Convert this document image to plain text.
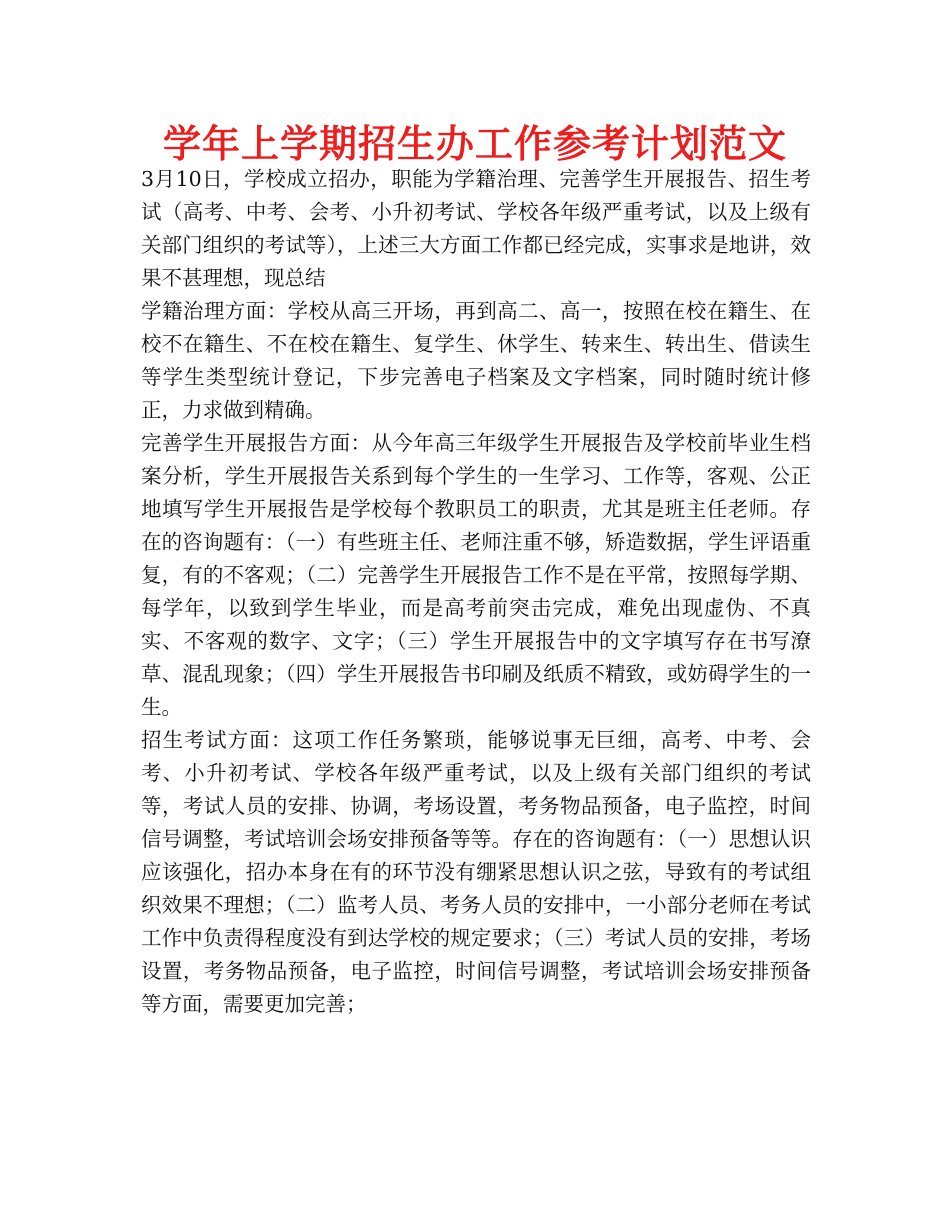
学年上学期招生办工作参考计划范文

3月10日，学校成立招办，职能为学籍治理、完善学生开展报告、招生考试（高考、中考、会考、小升初考试、学校各年级严重考试，以及上级有关部门组织的考试等），上述三大方面工作都已经完成，实事求是地讲，效果不甚理想，现总结

学籍治理方面：学校从高三开场，再到高二、高一，按照在校在籍生、在校不在籍生、不在校在籍生、复学生、休学生、转来生、转出生、借读生等学生类型统计登记，下步完善电子档案及文字档案，同时随时统计修正，力求做到精确。

完善学生开展报告方面：从今年高三年级学生开展报告及学校前毕业生档案分析，学生开展报告关系到每个学生的一生学习、工作等，客观、公正地填写学生开展报告是学校每个教职员工的职责，尤其是班主任老师。存在的咨询题有：（一）有些班主任、老师注重不够，矫造数据，学生评语重复，有的不客观；（二）完善学生开展报告工作不是在平常，按照每学期、每学年，以致到学生毕业，而是高考前突击完成，难免出现虚伪、不真实、不客观的数字、文字；（三）学生开展报告中的文字填写存在书写潦草、混乱现象；（四）学生开展报告书印刷及纸质不精致，或妨碍学生的一生。

招生考试方面：这项工作任务繁琐，能够说事无巨细，高考、中考、会考、小升初考试、学校各年级严重考试，以及上级有关部门组织的考试等，考试人员的安排、协调，考场设置，考务物品预备，电子监控，时间信号调整，考试培训会场安排预备等等。存在的咨询题有：（一）思想认识应该强化，招办本身在有的环节没有绷紧思想认识之弦，导致有的考试组织效果不理想；（二）监考人员、考务人员的安排中，一小部分老师在考试工作中负责得程度没有到达学校的规定要求；（三）考试人员的安排，考场设置，考务物品预备，电子监控，时间信号调整，考试培训会场安排预备等方面，需要更加完善；
